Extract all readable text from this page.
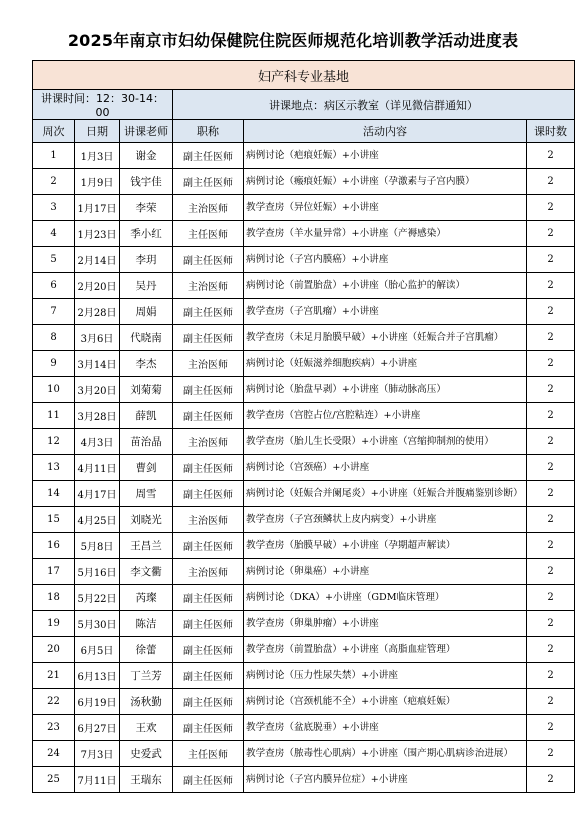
2025年南京市妇幼保健院住院医师规范化培训教学活动进度表
妇产科专业基地					
讲课时间：12：30-14：00			讲课地点：病区示教室（详见微信群通知）		
周次	日期	讲课老师	职称	活动内容	课时数
1	1月3日	谢金	副主任医师	病例讨论（疤痕妊娠）+小讲座	2
2	1月9日	钱宇佳	副主任医师	病例讨论（瘢痕妊娠）+小讲座（孕激素与子宫内膜）	2
3	1月17日	李荣	主治医师	教学查房（异位妊娠）+小讲座	2
4	1月23日	季小红	主任医师	教学查房（羊水量异常）+小讲座（产褥感染）	2
5	2月14日	李玥	副主任医师	病例讨论（子宫内膜癌）+小讲座	2
6	2月20日	吴丹	主治医师	病例讨论（前置胎盘）+小讲座（胎心监护的解读）	2
7	2月28日	周娟	副主任医师	教学查房（子宫肌瘤）+小讲座	2
8	3月6日	代晓南	副主任医师	教学查房（未足月胎膜早破）+小讲座（妊娠合并子宫肌瘤）	2
9	3月14日	李杰	主治医师	病例讨论（妊娠滋养细胞疾病）+小讲座	2
10	3月20日	刘菊菊	副主任医师	病例讨论（胎盘早剥）+小讲座（肺动脉高压）	2
11	3月28日	薛凯	副主任医师	教学查房（宫腔占位/宫腔粘连）+小讲座	2
12	4月3日	苗治晶	主治医师	教学查房（胎儿生长受限）+小讲座（宫缩抑制剂的使用）	2
13	4月11日	曹剑	副主任医师	病例讨论（宫颈癌）+小讲座	2
14	4月17日	周雪	副主任医师	病例讨论（妊娠合并阑尾炎）+小讲座（妊娠合并腹痛鉴别诊断）	2
15	4月25日	刘晓光	主治医师	教学查房（子宫颈鳞状上皮内病变）+小讲座	2
16	5月8日	王昌兰	副主任医师	教学查房（胎膜早破）+小讲座（孕期超声解读）	2
17	5月16日	李文衢	主治医师	病例讨论（卵巢癌）+小讲座	2
18	5月22日	芮璨	副主任医师	病例讨论（DKA）+小讲座（GDM临床管理）	2
19	5月30日	陈洁	副主任医师	教学查房（卵巢肿瘤）+小讲座	2
20	6月5日	徐蕾	副主任医师	教学查房（前置胎盘）+小讲座（高脂血症管理）	2
21	6月13日	丁兰芳	副主任医师	病例讨论（压力性尿失禁）+小讲座	2
22	6月19日	汤秋勤	副主任医师	病例讨论（宫颈机能不全）+小讲座（疤痕妊娠）	2
23	6月27日	王欢	副主任医师	教学查房（盆底脱垂）+小讲座	2
24	7月3日	史爱武	主任医师	教学查房（脓毒性心肌病）+小讲座（围产期心肌病诊治进展）	2
25	7月11日	王瑞东	副主任医师	病例讨论（子宫内膜异位症）+小讲座	2
